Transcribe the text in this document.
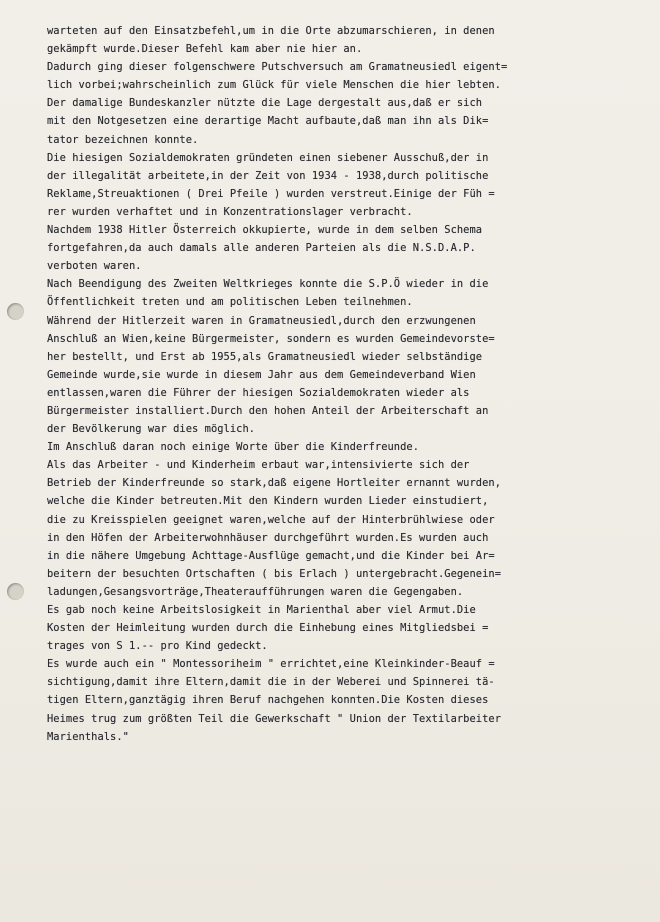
warteten auf den Einsatzbefehl,um in die Orte abzumarschieren, in denen
gekämpft wurde.Dieser Befehl kam aber nie hier an.
Dadurch ging dieser folgenschwere Putschversuch am Gramatneusiedl eigent=
lich vorbei;wahrscheinlich zum Glück für viele Menschen die hier lebten.
Der damalige Bundeskanzler nützte die Lage dergestalt aus,daß er sich
mit den Notgesetzen eine derartige Macht aufbaute,daß man ihn als Dik=
tator bezeichnen konnte.
Die hiesigen Sozialdemokraten gründeten einen siebener Ausschuß,der in
der illegalität arbeitete,in der Zeit von 1934 - 1938,durch politische
Reklame,Streuaktionen ( Drei Pfeile ) wurden verstreut.Einige der Füh =
rer wurden verhaftet und in Konzentrationslager verbracht.
Nachdem 1938 Hitler Österreich okkupierte, wurde in dem selben Schema
fortgefahren,da auch damals alle anderen Parteien als die N.S.D.A.P.
verboten waren.
Nach Beendigung des Zweiten Weltkrieges konnte die S.P.Ö wieder in die
Öffentlichkeit treten und am politischen Leben teilnehmen.
Während der Hitlerzeit waren in Gramatneusiedl,durch den erzwungenen
Anschluß an Wien,keine Bürgermeister, sondern es wurden Gemeindevorste=
her bestellt, und Erst ab 1955,als Gramatneusiedl wieder selbständige
Gemeinde wurde,sie wurde in diesem Jahr aus dem Gemeindeverband Wien
entlassen,waren die Führer der hiesigen Sozialdemokraten wieder als
Bürgermeister installiert.Durch den hohen Anteil der Arbeiterschaft an
der Bevölkerung war dies möglich.
Im Anschluß daran noch einige Worte über die Kinderfreunde.
Als das Arbeiter - und Kinderheim erbaut war,intensivierte sich der
Betrieb der Kinderfreunde so stark,daß eigene Hortleiter ernannt wurden,
welche die Kinder betreuten.Mit den Kindern wurden Lieder einstudiert,
die zu Kreisspielen geeignet waren,welche auf der Hinterbrühlwiese oder
in den Höfen der Arbeiterwohnhäuser durchgeführt wurden.Es wurden auch
in die nähere Umgebung Achttage-Ausflüge gemacht,und die Kinder bei Ar=
beitern der besuchten Ortschaften ( bis Erlach ) untergebracht.Gegenein=
ladungen,Gesangsvorträge,Theateraufführungen waren die Gegengaben.
Es gab noch keine Arbeitslosigkeit in Marienthal aber viel Armut.Die
Kosten der Heimleitung wurden durch die Einhebung eines Mitgliedsbei =
trages von S 1.-- pro Kind gedeckt.
Es wurde auch ein " Montessoriheim " errichtet,eine Kleinkinder-Beauf =
sichtigung,damit ihre Eltern,damit die in der Weberei und Spinnerei tä-
tigen Eltern,ganztägig ihren Beruf nachgehen konnten.Die Kosten dieses
Heimes trug zum größten Teil die Gewerkschaft " Union der Textilarbeiter
Marienthals."
